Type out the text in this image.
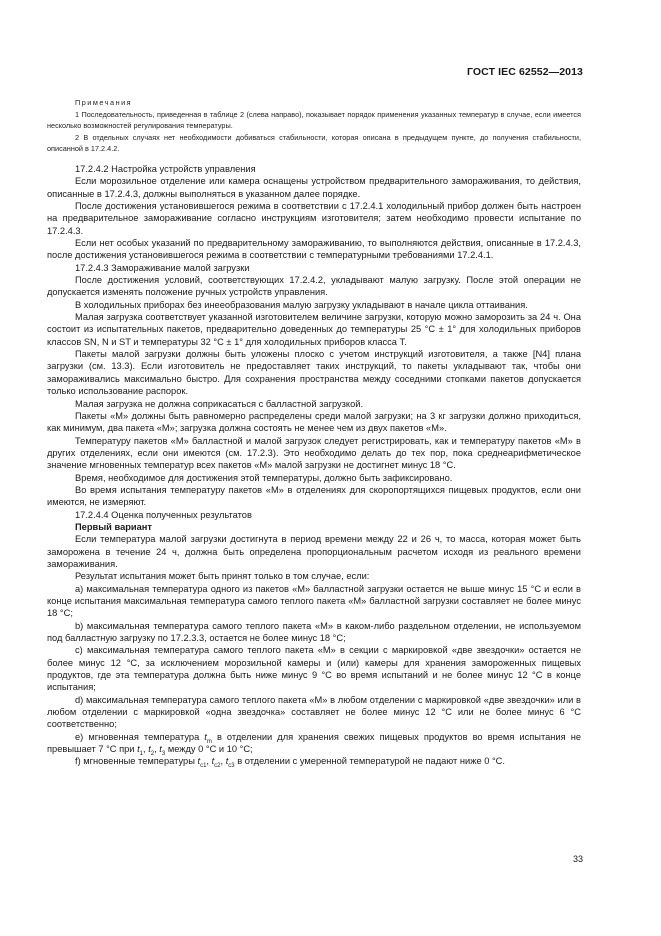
ГОСТ IEC 62552—2013
Примечания
1 Последовательность, приведенная в таблице 2 (слева направо), показывает порядок применения указанных температур в случае, если имеется несколько возможностей регулирования температуры.
2 В отдельных случаях нет необходимости добиваться стабильности, которая описана в предыдущем пункте, до получения стабильности, описанной в 17.2.4.2.

17.2.4.2 Настройка устройств управления

Если морозильное отделение или камера оснащены устройством предварительного замораживания, то действия, описанные в 17.2.4.3, должны выполняться в указанном далее порядке.

После достижения установившегося режима в соответствии с 17.2.4.1 холодильный прибор должен быть настроен на предварительное замораживание согласно инструкциям изготовителя; затем необходимо провести испытание по 17.2.4.3.

Если нет особых указаний по предварительному замораживанию, то выполняются действия, описанные в 17.2.4.3, после достижения установившегося режима в соответствии с температурными требованиями 17.2.4.1.

17.2.4.3 Замораживание малой загрузки

После достижения условий, соответствующих 17.2.4.2, укладывают малую загрузку. После этой операции не допускается изменять положение ручных устройств управления.

В холодильных приборах без инееобразования малую загрузку укладывают в начале цикла оттаивания.

Малая загрузка соответствует указанной изготовителем величине загрузки, которую можно заморозить за 24 ч. Она состоит из испытательных пакетов, предварительно доведенных до температуры 25 °С ± 1° для холодильных приборов классов SN, N и ST и температуры 32 °С ± 1° для холодильных приборов класса Т.

Пакеты малой загрузки должны быть уложены плоско с учетом инструкций изготовителя, а также [N4] плана загрузки (см. 13.3). Если изготовитель не предоставляет таких инструкций, то пакеты укладывают так, чтобы они замораживались максимально быстро. Для сохранения пространства между соседними стопками пакетов допускается только использование распорок.

Малая загрузка не должна соприкасаться с балластной загрузкой.

Пакеты «М» должны быть равномерно распределены среди малой загрузки; на 3 кг загрузки должно приходиться, как минимум, два пакета «М»; загрузка должна состоять не менее чем из двух пакетов «М».

Температуру пакетов «М» балластной и малой загрузок следует регистрировать, как и температуру пакетов «М» в других отделениях, если они имеются (см. 17.2.3). Это необходимо делать до тех пор, пока среднеарифметическое значение мгновенных температур всех пакетов «М» малой загрузки не достигнет минус 18 °С.

Время, необходимое для достижения этой температуры, должно быть зафиксировано.

Во время испытания температуру пакетов «М» в отделениях для скоропортящихся пищевых продуктов, если они имеются, не измеряют.

17.2.4.4 Оценка полученных результатов

Первый вариант

Если температура малой загрузки достигнута в период времени между 22 и 26 ч, то масса, которая может быть заморожена в течение 24 ч, должна быть определена пропорциональным расчетом исходя из реального времени замораживания.

Результат испытания может быть принят только в том случае, если:

a) максимальная температура одного из пакетов «М» балластной загрузки остается не выше минус 15 °С и если в конце испытания максимальная температура самого теплого пакета «М» балластной загрузки составляет не более минус 18 °С;

b) максимальная температура самого теплого пакета «М» в каком-либо раздельном отделении, не используемом под балластную загрузку по 17.2.3.3, остается не более минус 18 °С;

c) максимальная температура самого теплого пакета «М» в секции с маркировкой «две звездочки» остается не более минус 12 °С, за исключением морозильной камеры и (или) камеры для хранения замороженных пищевых продуктов, где эта температура должна быть ниже минус 9 °С во время испытаний и не более минус 12 °С в конце испытания;

d) максимальная температура самого теплого пакета «М» в любом отделении с маркировкой «две звездочки» или в любом отделении с маркировкой «одна звездочка» составляет не более минус 12 °С или не более минус 6 °С соответственно;

e) мгновенная температура $t_m$ в отделении для хранения свежих пищевых продуктов во время испытания не превышает 7 °С при $t_1$, $t_2$, $t_3$ между 0 °С и 10 °С;

f) мгновенные температуры $t_{c1}$, $t_{c2}$, $t_{c3}$ в отделении с умеренной температурой не падают ниже 0 °С.

33
